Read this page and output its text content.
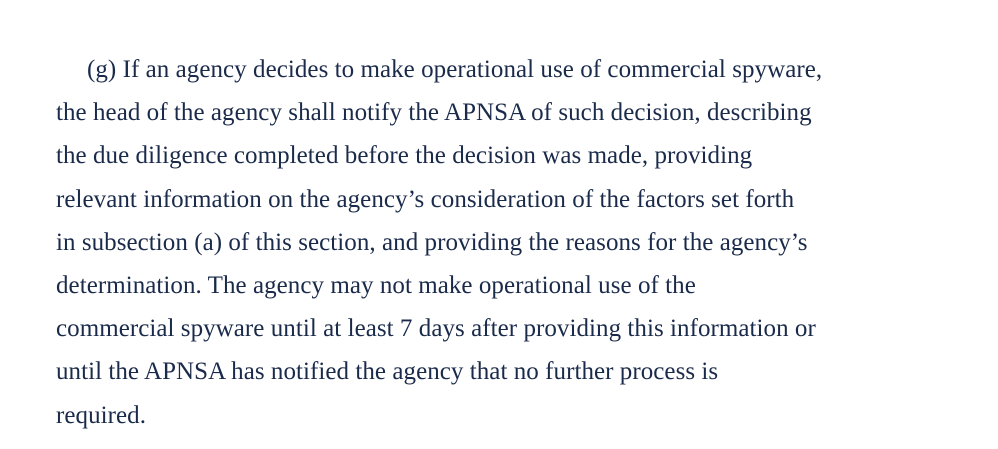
(g) If an agency decides to make operational use of commercial spyware,
the head of the agency shall notify the APNSA of such decision, describing
the due diligence completed before the decision was made, providing
relevant information on the agency’s consideration of the factors set forth
in subsection (a) of this section, and providing the reasons for the agency’s
determination. The agency may not make operational use of the
commercial spyware until at least 7 days after providing this information or
until the APNSA has notified the agency that no further process is
required.
